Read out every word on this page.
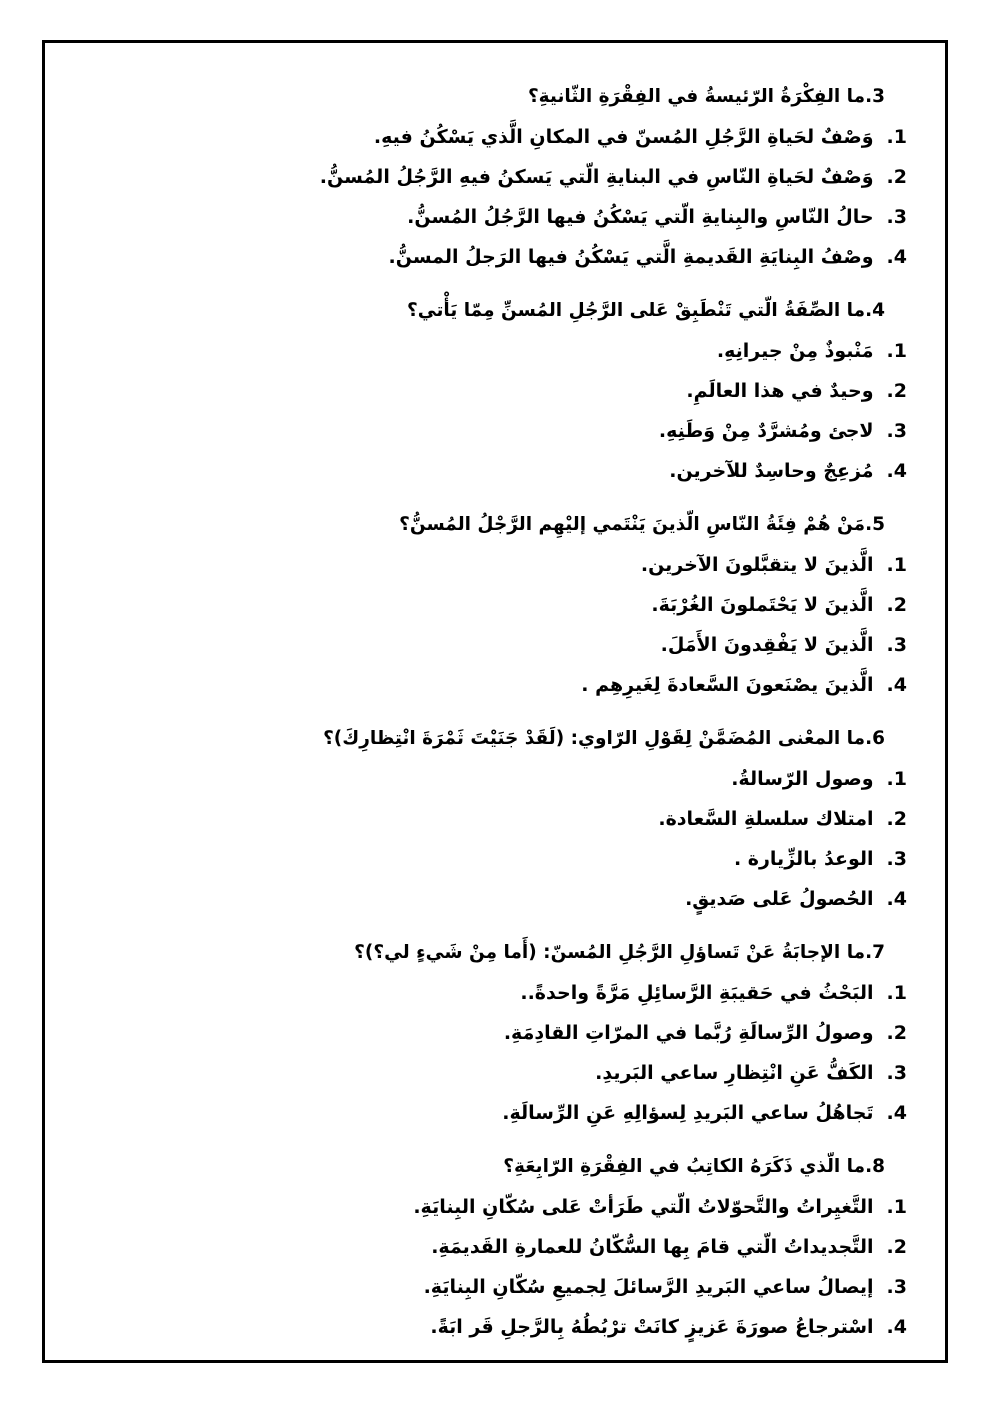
3.ما الفِكْرَةُ الرّئيسةُ في الفِقْرَةِ الثّانيةِ؟

1.وَصْفٌ لحَياةِ الرَّجُلِ المُسنّ في المكانِ الَّذي يَسْكُنُ فيهِ.

2.وَصْفٌ لحَياةِ النّاسِ في البنايةِ الّتي يَسكنُ فيهِ الرَّجُلُ المُسنُّ.

3.حالُ النّاسِ والبِنايةِ الّتي يَسْكُنُ فيها الرَّجُلُ المُسنُّ.

4.وصْفُ البِنايَةِ القَديمةِ الَّتي يَسْكُنُ فيها الرَجلُ المسنُّ.

4.ما الصِّفَةُ الّتي تَنْطَبِقْ عَلى الرَّجُلِ المُسنِّ مِمّا يَأْتي؟

1.مَنْبوذٌ مِنْ جيرانِهِ.

2.وحيدٌ في هذا العالَمِ.

3.لاجئ ومُشرَّدٌ مِنْ وَطَنِهِ.

4.مُزعِجٌ وحاسِدٌ للآخرين.

5.مَنْ هُمْ فِئَةُ النّاسِ الّذينَ يَنْتَمي إليْهِم الرَّجْلُ المُسنُّ؟

1.الَّذينَ لا يتقبَّلونَ الآخرين.

2.الَّذينَ لا يَحْتَملونَ الغُرْبَةَ.

3.الَّذينَ لا يَفْقِدونَ الأَمَلَ.

4.الَّذينَ يصْنَعونَ السَّعادةَ لِغَيرِهِم .

6.ما المعْنى المُضَمَّنْ لِقَوْلِ الرّاوي: (لَقَدْ جَنَيْتَ ثَمْرَةَ انْتِظارِكَ)؟

1.وصول الرّسالةُ.

2.امتلاك سلسلةِ السَّعادة.

3.الوعدُ بالزِّيارة .

4.الحُصولُ عَلى صَديقٍ.

7.ما الإجابَةُ عَنْ تَساؤلِ الرَّجُلِ المُسنّ: (أَما مِنْ شَيءٍ لي؟)؟

1.البَحْثُ في حَقيبَةِ الرَّسائِلِ مَرَّةً واحدةً..

2.وصولُ الرِّسالَةِ رُبَّما في المرّاتِ القادِمَةِ.

3.الكَفُّ عَنِ انْتِظارِ ساعي البَريدِ.

4.تَجاهُلُ ساعي البَريدِ لِسؤالِهِ عَنِ الرِّسالَةِ.

8.ما الّذي ذَكَرَهُ الكاتِبُ في الفِقْرَةِ الرّابِعَةِ؟

1.التَّغيِراتُ والتَّحوّلاتُ الّتي طَرَأتْ عَلى سُكّانِ البِنايَةِ.

2.التَّجديداتُ الّتي قامَ بِها السُّكّانُ للعمارةِ القَديمَةِ.

3.إيصالُ ساعي البَريدِ الرَّسائلَ لِجميعِ سُكّانِ البِنايَةِ.

4.اسْترجاعُ صورَةَ عَزيزٍ كانَتْ ترْبُطُهُ بِالرَّجلِ قَر ابَةً.
